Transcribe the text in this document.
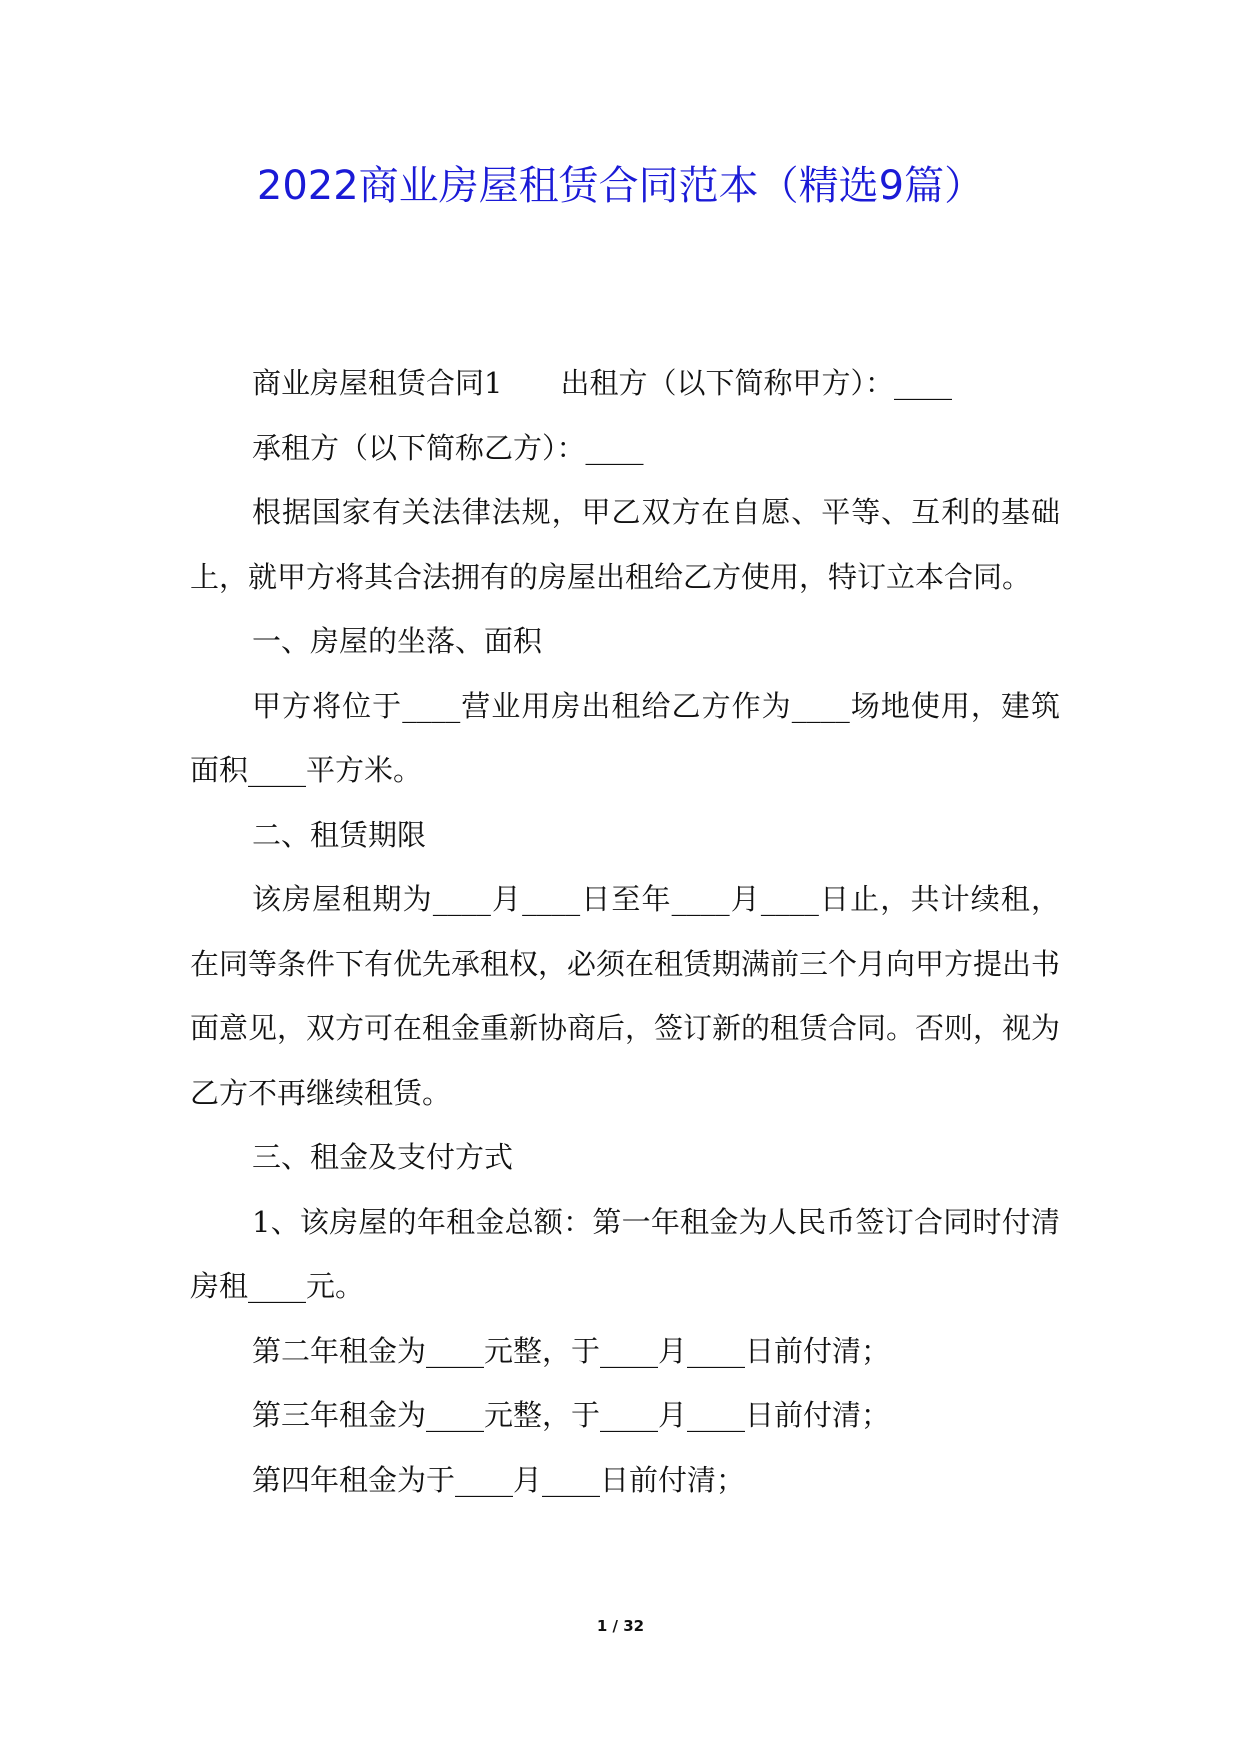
2022商业房屋租赁合同范本（精选9篇）

商业房屋租赁合同1　　出租方（以下简称甲方）：____

承租方（以下简称乙方）：____

根据国家有关法律法规，甲乙双方在自愿、平等、互利的基础上，就甲方将其合法拥有的房屋出租给乙方使用，特订立本合同。

一、房屋的坐落、面积

甲方将位于____营业用房出租给乙方作为____场地使用，建筑面积____平方米。

二、租赁期限

该房屋租期为____月____日至年____月____日止，共计续租，在同等条件下有优先承租权，必须在租赁期满前三个月向甲方提出书面意见，双方可在租金重新协商后，签订新的租赁合同。否则，视为乙方不再继续租赁。

三、租金及支付方式

1、该房屋的年租金总额：第一年租金为人民币签订合同时付清房租____元。

第二年租金为____元整，于____月____日前付清；

第三年租金为____元整，于____月____日前付清；

第四年租金为于____月____日前付清；

1 / 32
